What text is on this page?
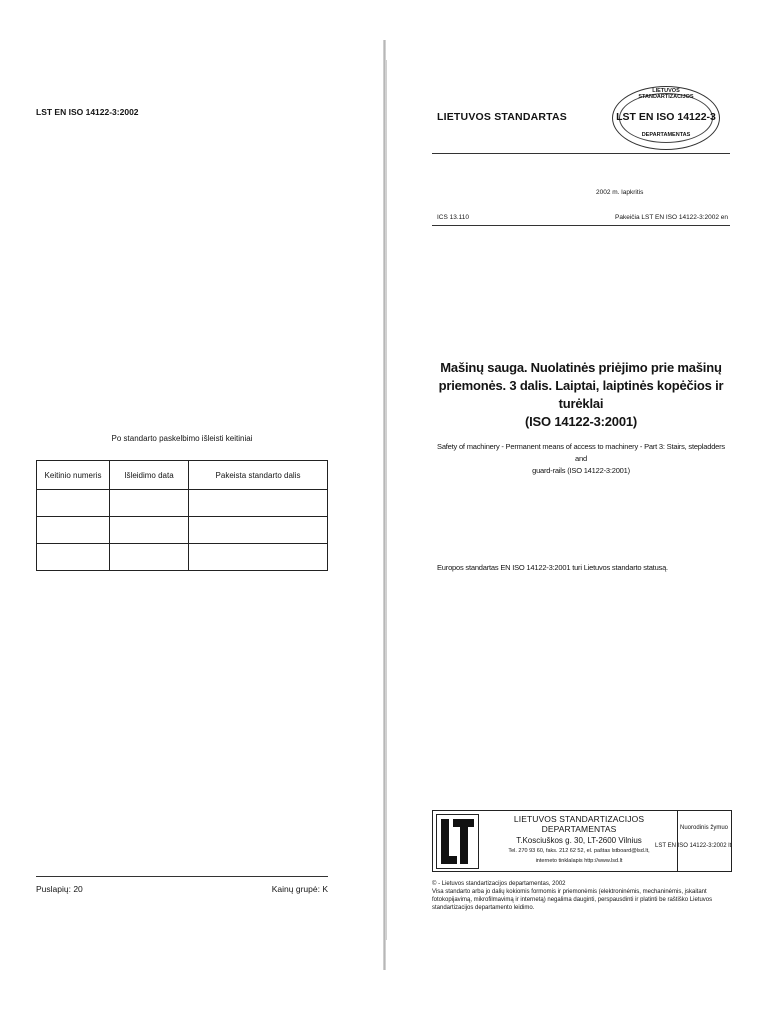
LST EN ISO 14122-3:2002
Po standarto paskelbimo išleisti keitiniai
Keitinio numeris	Išleidimo data	Pakeista standarto dalis

Puslapių: 20	Kainų grupė: K
LIETUVOS STANDARTAS
LIETUVOS STANDARTIZACIJOS
LST EN ISO 14122-3
DEPARTAMENTAS
2002 m. lapkritis
ICS 13.110	Pakeičia LST EN ISO 14122-3:2002 en
Mašinų sauga. Nuolatinės priėjimo prie mašinų
priemonės. 3 dalis. Laiptai, laiptinės kopėčios ir turėklai
(ISO 14122-3:2001)
Safety of machinery - Permanent means of access to machinery - Part 3: Stairs, stepladders and
guard-rails (ISO 14122-3:2001)
Europos standartas EN ISO 14122-3:2001 turi Lietuvos standarto statusą.
LIETUVOS STANDARTIZACIJOS DEPARTAMENTAS
T.Kosciuškos g. 30, LT-2600 Vilnius
Tel. 270 93 60, faks. 212 62 52, el. paštas lstboard@lsd.lt,
interneto tinklalapis http://www.lsd.lt
Nuorodinis žymuo
LST EN ISO 14122-3:2002 lt
© - Lietuvos standartizacijos departamentas, 2002
Visa standarto arba jo dalių kokiomis formomis ir priemonėmis (elektroninėmis, mechaninėmis, įskaitant fotokopijavimą, mikrofilmavimą ir internetą) negalima dauginti, perspausdinti ir platinti be raštiško Lietuvos standartizacijos departamento leidimo.
